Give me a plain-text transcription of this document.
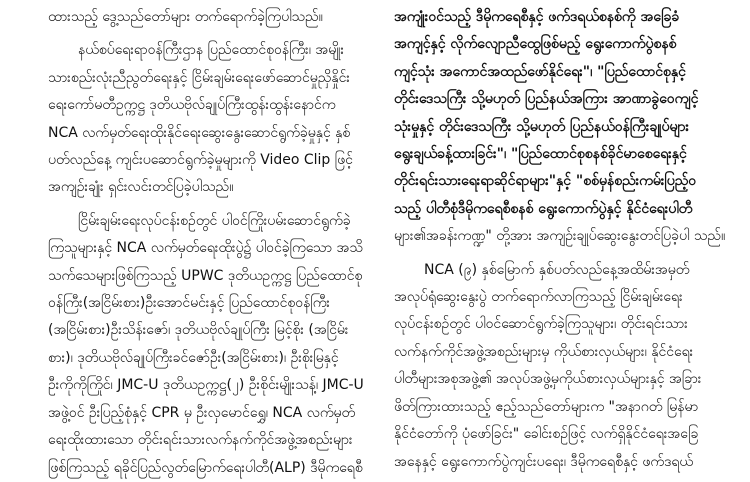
ထားသည့် ဒွေ့သည်တော်များ တက်ရောက်ခဲ့ကြပါသည်။
နယ်စပ်ရေးရာဝန်ကြီးဌာန ပြည်ထောင်စုဝန်ကြီး၊ အမျိုး
သားစည်းလုံးညီညွတ်ရေးနှင့် ငြိမ်းချမ်းရေးဖော်ဆောင်မှုညှိနှိုင်း
ရေးကော်မတီဥက္ကဋ္ဌ ဒုတိယဗိုလ်ချုပ်ကြီးထွန်းထွန်းနောင်က
NCA လက်မှတ်ရေးထိုးနိုင်ရေးဆွေးနွေးဆောင်ရွက်ခဲ့မှုနှင့် နှစ်
ပတ်လည်နေ့ ကျင်းပဆောင်ရွက်ခဲ့မှုများကို Video Clip ဖြင့်
အကျဉ်းချုံး ရှင်းလင်းတင်ပြခဲ့ပါသည်။
ငြိမ်းချမ်းရေးလုပ်ငန်းစဉ်တွင် ပါဝင်ကြိုးပမ်းဆောင်ရွက်ခဲ့
ကြသူများနှင့် NCA လက်မှတ်ရေးထိုးပွဲ၌ ပါဝင်ခဲ့ကြသော အသိ
သက်သေများဖြစ်ကြသည့် UPWC ဒုတိယဥက္ကဋ္ဌ ပြည်ထောင်စု
ဝန်ကြီး(အငြိမ်းစား)ဦးအောင်မင်းနှင့် ပြည်ထောင်စုဝန်ကြီး
(အငြိမ်းစား)ဦးသိန်းဇော်၊ ဒုတိယဗိုလ်ချုပ်ကြီး မြင့်စိုး (အငြိမ်း
စား)၊ ဒုတိယဗိုလ်ချုပ်ကြီးခင်ဇော်ဦး(အငြိမ်းစား)၊ ဦးစိုးမြနှင့်
ဦးကိုကိုကြိုင်၊ JMC-U ဒုတိယဥက္ကဋ္ဌ(၂) ဦးစိုင်းမျိုးသန့်၊ JMC-U
အဖွဲ့ဝင် ဦးပြည့်စုံနှင့် CPR မှ ဦးလှမောင်ရွှေ၊ NCA လက်မှတ်
ရေးထိုးထားသော တိုင်းရင်းသားလက်နက်ကိုင်အဖွဲ့အစည်းများ
ဖြစ်ကြသည့် ရခိုင်ပြည်လွတ်မြောက်ရေးပါတီ(ALP) ဒီမိုကရေစီ
အကျုံးဝင်သည့် ဒီမိုကရေစီနှင့် ဖက်ဒရယ်စနစ်ကို အခြေခံ
အကျင့်နှင့် လိုက်လျောညီထွေဖြစ်မည့် ရွေးကောက်ပွဲစနစ်
ကျင့်သုံး အကောင်အထည်ဖော်နိုင်ရေး"၊ "ပြည်ထောင်စုနှင့်
တိုင်းဒေသကြီး သို့မဟုတ် ပြည်နယ်အကြား အာဏာခွဲဝေကျင့်
သုံးမှုနှင့် တိုင်းဒေသကြီး သို့မဟုတ် ပြည်နယ်ဝန်ကြီးချုပ်များ
ရွေးချယ်ခန့်ထားခြင်း"၊ "ပြည်ထောင်စုစနစ်ခိုင်မာစေရေးနှင့်
တိုင်းရင်းသားရေးရာဆိုင်ရာများ"နှင့် "စစ်မှန်စည်းကမ်းပြည့်ဝ
သည့် ပါတီစုံဒီမိုကရေစီစနစ် ရွေးကောက်ပွဲနှင့် နိုင်ငံရေးပါတီ
များ၏အခန်းကဏ္ဍ" တို့အား အကျဉ်းချုပ်ဆွေးနွေးတင်ပြခဲ့ပါ သည်။
NCA (၉) နှစ်မြောက် နှစ်ပတ်လည်နေ့အထိမ်းအမှတ်
အလုပ်ရုံဆွေးနွေးပွဲ တက်ရောက်လာကြသည့် ငြိမ်းချမ်းရေး
လုပ်ငန်းစဉ်တွင် ပါဝင်ဆောင်ရွက်ခဲ့ကြသူများ၊ တိုင်းရင်းသား
လက်နက်ကိုင်အဖွဲ့အစည်းများမှ ကိုယ်စားလှယ်များ၊ နိုင်ငံရေး
ပါတီများအစုအဖွဲ့၏ အလုပ်အဖွဲ့မှကိုယ်စားလှယ်များနှင့် အခြား
ဖိတ်ကြားထားသည့် ဧည့်သည်တော်များက "အနာဂတ် မြန်မာ
နိုင်ငံတော်ကို ပုံဖော်ခြင်း" ခေါင်းစဉ်ဖြင့် လက်ရှိနိုင်ငံရေးအခြေ
အနေနှင့် ရွေးကောက်ပွဲကျင်းပရေး၊ ဒီမိုကရေစီနှင့် ဖက်ဒရယ်
